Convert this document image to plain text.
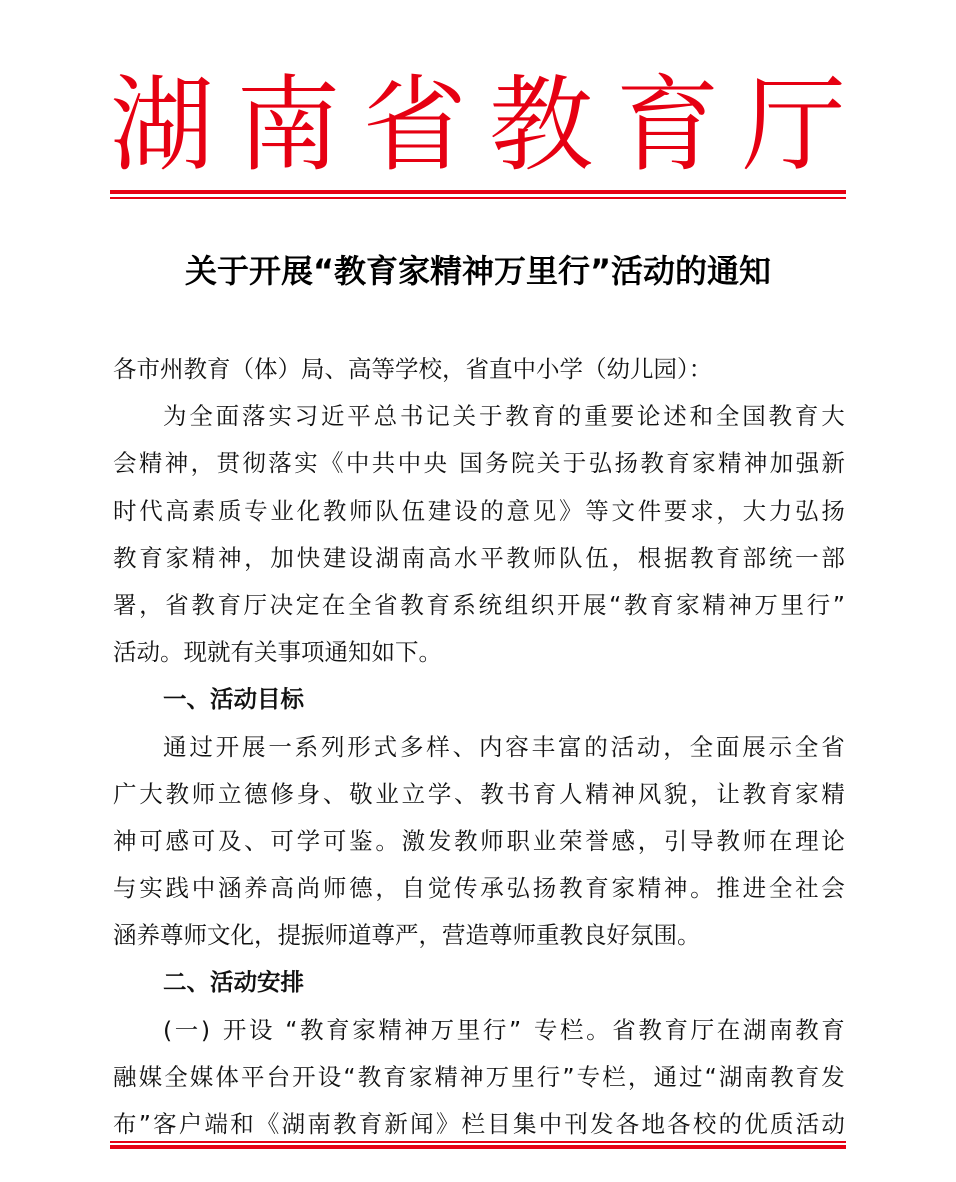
湖 南 省 教 育 厅
关于开展“教育家精神万里行”活动的通知
各市州教育（体）局、高等学校，省直中小学（幼儿园）：
为 全 面 落 实 习 近 平 总 书 记 关 于 教 育 的 重 要 论 述 和 全 国 教 育 大
会 精 神 ， 贯 彻 落 实 《 中 共 中 央
国 务 院 关 于 弘 扬 教 育 家 精 神 加 强 新
时 代 高 素 质 专 业 化 教 师 队 伍 建 设 的 意 见 》 等 文 件 要 求 ， 大 力 弘 扬
教 育 家 精 神 ， 加 快 建 设 湖 南 高 水 平 教 师 队 伍 ， 根 据 教 育 部 统 一 部
署 ， 省 教 育 厅 决 定 在 全 省 教 育 系 统 组 织 开 展 “ 教 育 家 精 神 万 里 行 ”
活动。现就有关事项通知如下。
一、活动目标
通 过 开 展 一 系 列 形 式 多 样 、 内 容 丰 富 的 活 动 ， 全 面 展 示 全 省
广 大 教 师 立 德 修 身 、 敬 业 立 学 、 教 书 育 人 精 神 风 貌 ， 让 教 育 家 精
神 可 感 可 及 、 可 学 可 鉴 。 激 发 教 师 职 业 荣 誉 感 ， 引 导 教 师 在 理 论
与 实 践 中 涵 养 高 尚 师 德 ， 自 觉 传 承 弘 扬 教 育 家 精 神 。 推 进 全 社 会
涵养尊师文化，提振师道尊严，营造尊师重教良好氛围。
二、活动安排
( 一 )
开 设
“ 教 育 家 精 神 万 里 行 ”
专 栏 。 省 教 育 厅 在 湖 南 教 育
融 媒 全 媒 体 平 台 开 设 “ 教 育 家 精 神 万 里 行 ” 专 栏 ， 通 过 “ 湖 南 教 育 发
布 ” 客 户 端 和 《 湖 南 教 育 新 闻 》 栏 目 集 中 刊 发 各 地 各 校 的 优 质 活 动
